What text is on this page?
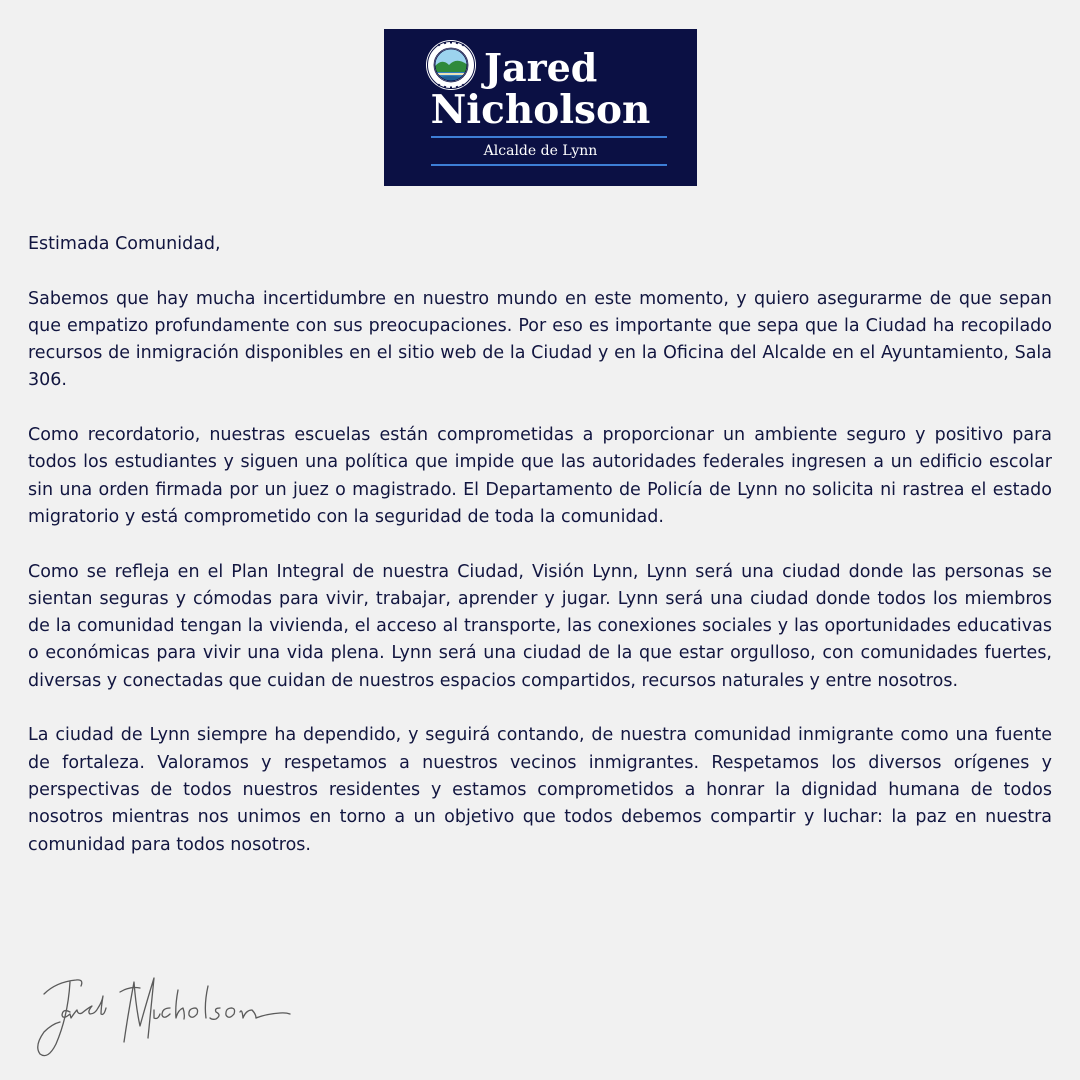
Jared
Nicholson
Alcalde de Lynn

Estimada Comunidad,

Sabemos que hay mucha incertidumbre en nuestro mundo en este momento, y quiero asegurarme de que sepan que empatizo profundamente con sus preocupaciones. Por eso es importante que sepa que la Ciudad ha recopilado recursos de inmigración disponibles en el sitio web de la Ciudad y en la Oficina del Alcalde en el Ayuntamiento, Sala 306.

Como recordatorio, nuestras escuelas están comprometidas a proporcionar un ambiente seguro y positivo para todos los estudiantes y siguen una política que impide que las autoridades federales ingresen a un edificio escolar sin una orden firmada por un juez o magistrado. El Departamento de Policía de Lynn no solicita ni rastrea el estado migratorio y está comprometido con la seguridad de toda la comunidad.

Como se refleja en el Plan Integral de nuestra Ciudad, Visión Lynn, Lynn será una ciudad donde las personas se sientan seguras y cómodas para vivir, trabajar, aprender y jugar. Lynn será una ciudad donde todos los miembros de la comunidad tengan la vivienda, el acceso al transporte, las conexiones sociales y las oportunidades educativas o económicas para vivir una vida plena. Lynn será una ciudad de la que estar orgulloso, con comunidades fuertes, diversas y conectadas que cuidan de nuestros espacios compartidos, recursos naturales y entre nosotros.

La ciudad de Lynn siempre ha dependido, y seguirá contando, de nuestra comunidad inmigrante como una fuente de fortaleza. Valoramos y respetamos a nuestros vecinos inmigrantes. Respetamos los diversos orígenes y perspectivas de todos nuestros residentes y estamos comprometidos a honrar la dignidad humana de todos nosotros mientras nos unimos en torno a un objetivo que todos debemos compartir y luchar: la paz en nuestra comunidad para todos nosotros.
